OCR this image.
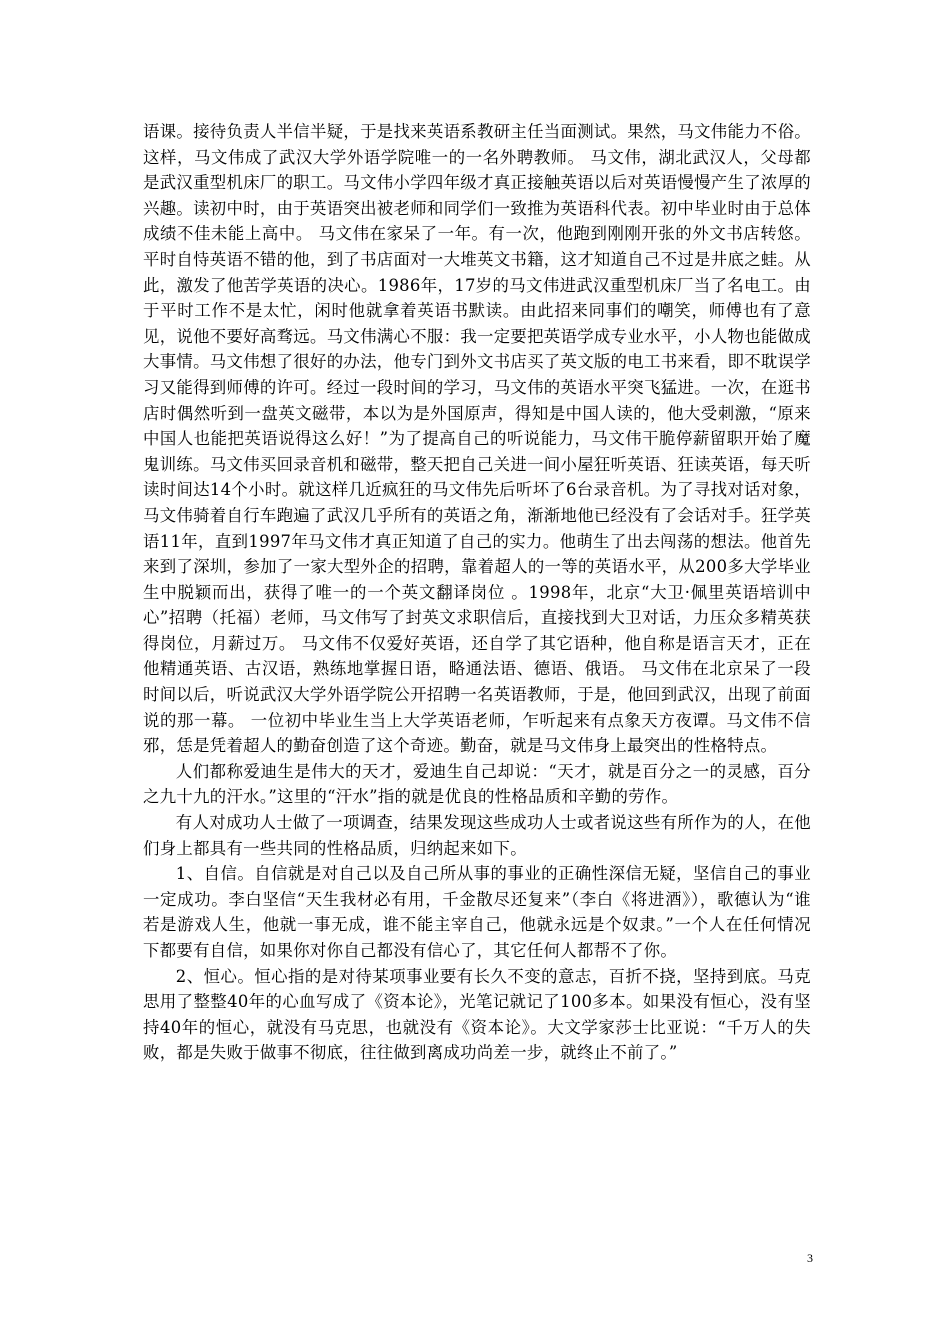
语课。接待负责人半信半疑，于是找来英语系教研主任当面测试。果然，马文伟能力不俗。这样，马文伟成了武汉大学外语学院唯一的一名外聘教师。 马文伟，湖北武汉人，父母都是武汉重型机床厂的职工。马文伟小学四年级才真正接触英语以后对英语慢慢产生了浓厚的兴趣。读初中时，由于英语突出被老师和同学们一致推为英语科代表。初中毕业时由于总体成绩不佳未能上高中。 马文伟在家呆了一年。有一次，他跑到刚刚开张的外文书店转悠。平时自恃英语不错的他，到了书店面对一大堆英文书籍，这才知道自己不过是井底之蛙。从此，激发了他苦学英语的决心。1986年，17岁的马文伟进武汉重型机床厂当了名电工。由于平时工作不是太忙，闲时他就拿着英语书默读。由此招来同事们的嘲笑，师傅也有了意见，说他不要好高骛远。马文伟满心不服：我一定要把英语学成专业水平，小人物也能做成大事情。马文伟想了很好的办法，他专门到外文书店买了英文版的电工书来看，即不耽误学习又能得到师傅的许可。经过一段时间的学习，马文伟的英语水平突飞猛进。一次，在逛书店时偶然听到一盘英文磁带，本以为是外国原声，得知是中国人读的，他大受刺激，“原来中国人也能把英语说得这么好！”为了提高自己的听说能力，马文伟干脆停薪留职开始了魔鬼训练。马文伟买回录音机和磁带，整天把自己关进一间小屋狂听英语、狂读英语，每天听读时间达14个小时。就这样几近疯狂的马文伟先后听坏了6台录音机。为了寻找对话对象，马文伟骑着自行车跑遍了武汉几乎所有的英语之角，渐渐地他已经没有了会话对手。狂学英语11年，直到1997年马文伟才真正知道了自己的实力。他萌生了出去闯荡的想法。他首先来到了深圳，参加了一家大型外企的招聘，靠着超人的一等的英语水平，从200多大学毕业生中脱颖而出，获得了唯一的一个英文翻译岗位 。1998年，北京“大卫·佩里英语培训中心”招聘（托福）老师，马文伟写了封英文求职信后，直接找到大卫对话，力压众多精英获得岗位，月薪过万。 马文伟不仅爱好英语，还自学了其它语种，他自称是语言天才，正在他精通英语、古汉语，熟练地掌握日语，略通法语、德语、俄语。 马文伟在北京呆了一段时间以后，听说武汉大学外语学院公开招聘一名英语教师，于是，他回到武汉，出现了前面说的那一幕。 一位初中毕业生当上大学英语老师，乍听起来有点象天方夜谭。马文伟不信邪，恁是凭着超人的勤奋创造了这个奇迹。勤奋，就是马文伟身上最突出的性格特点。

人们都称爱迪生是伟大的天才，爱迪生自己却说：“天才，就是百分之一的灵感，百分之九十九的汗水。”这里的“汗水”指的就是优良的性格品质和辛勤的劳作。

有人对成功人士做了一项调查，结果发现这些成功人士或者说这些有所作为的人，在他们身上都具有一些共同的性格品质，归纳起来如下。

1、自信。自信就是对自己以及自己所从事的事业的正确性深信无疑，坚信自己的事业一定成功。李白坚信“天生我材必有用，千金散尽还复来”（李白《将进酒》），歌德认为“谁若是游戏人生，他就一事无成，谁不能主宰自己，他就永远是个奴隶。”一个人在任何情况下都要有自信，如果你对你自己都没有信心了，其它任何人都帮不了你。

2、恒心。恒心指的是对待某项事业要有长久不变的意志，百折不挠，坚持到底。马克思用了整整40年的心血写成了《资本论》，光笔记就记了100多本。如果没有恒心，没有坚持40年的恒心，就没有马克思，也就没有《资本论》。大文学家莎士比亚说：“千万人的失败，都是失败于做事不彻底，往往做到离成功尚差一步，就终止不前了。”

3
